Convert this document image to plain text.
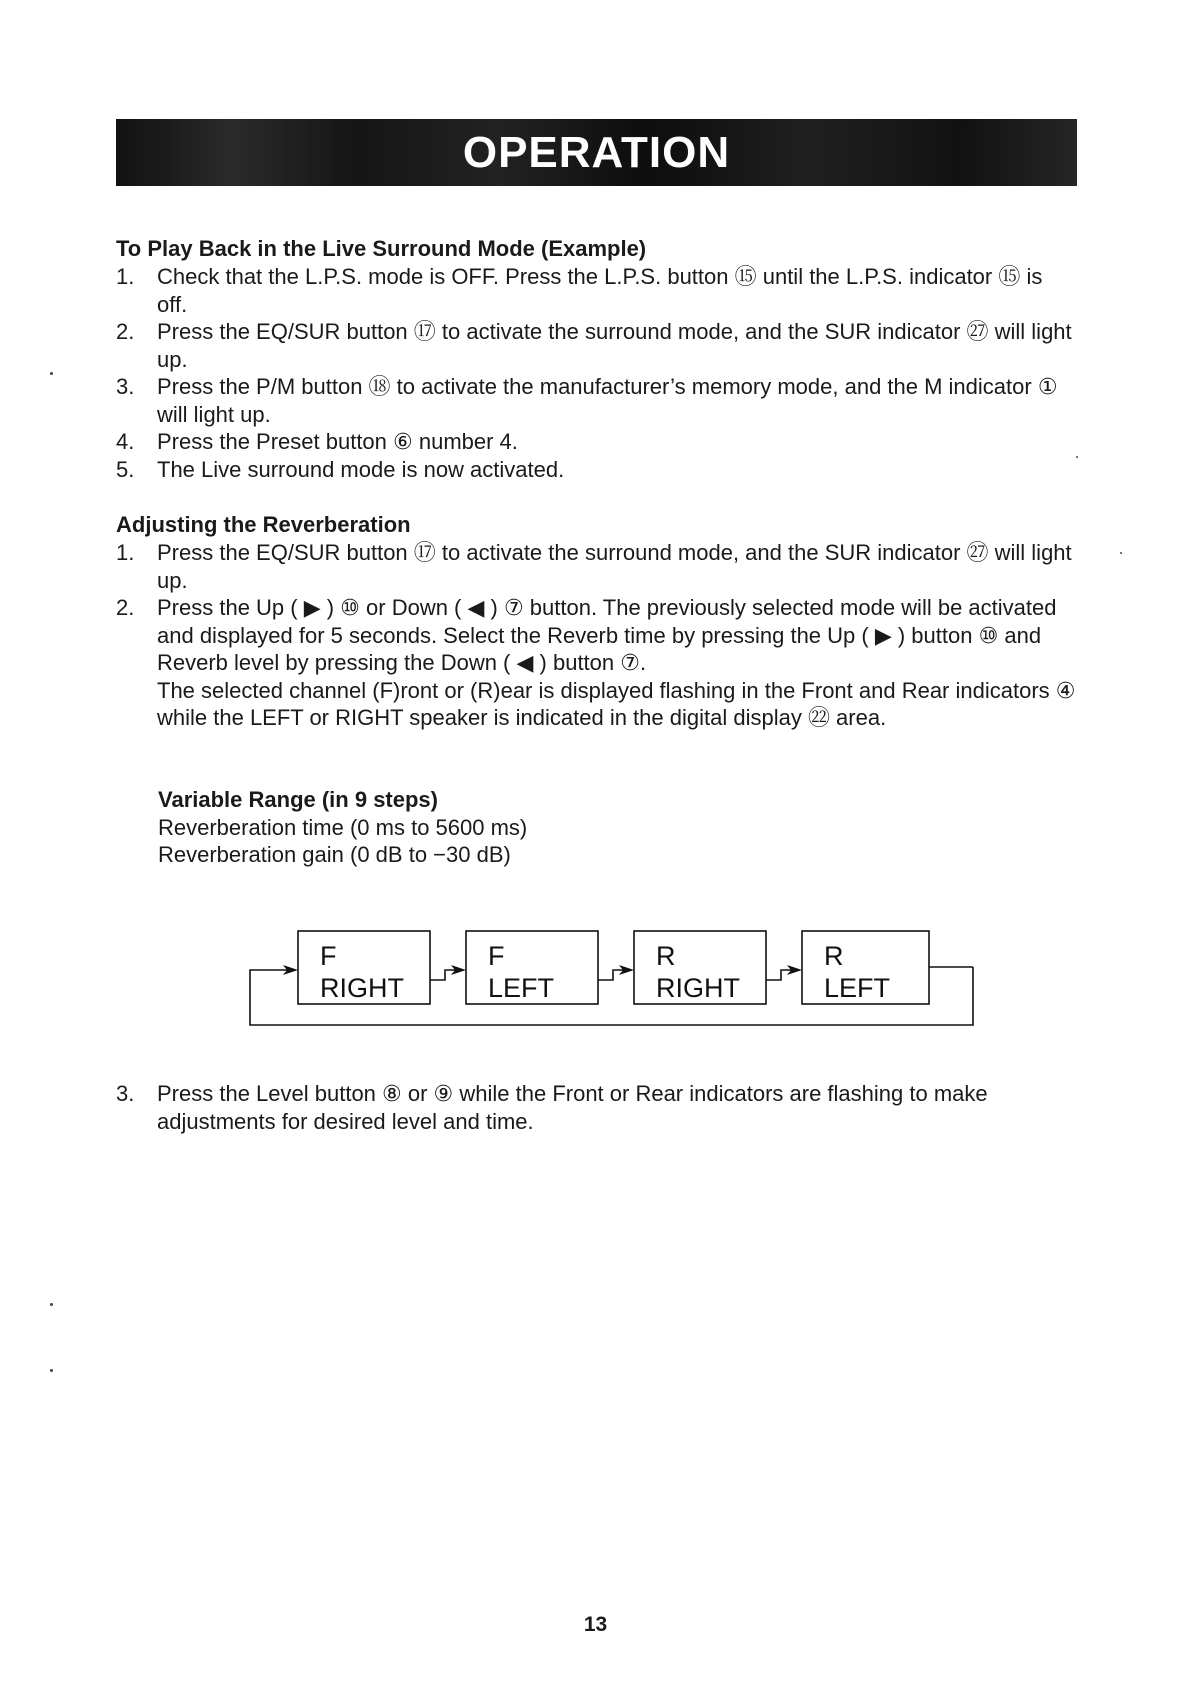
OPERATION
To Play Back in the Live Surround Mode (Example)
1. Check that the L.P.S. mode is OFF. Press the L.P.S. button ⑮ until the L.P.S. indicator ⑮ is off.
2. Press the EQ/SUR button ⑰ to activate the surround mode, and the SUR indicator ㉗ will light up.
3. Press the P/M button ⑱ to activate the manufacturer’s memory mode, and the M indicator ① will light up.
4. Press the Preset button ⑥ number 4.
5. The Live surround mode is now activated.
Adjusting the Reverberation
1. Press the EQ/SUR button ⑰ to activate the surround mode, and the SUR indicator ㉗ will light up.
2. Press the Up ( ▶ ) ⑩ or Down ( ◀ ) ⑦ button. The previously selected mode will be activated and displayed for 5 seconds. Select the Reverb time by pressing the Up ( ▶ ) button ⑩ and Reverb level by pressing the Down ( ◀ ) button ⑦.
The selected channel (F)ront or (R)ear is displayed flashing in the Front and Rear indicators ④ while the LEFT or RIGHT speaker is indicated in the digital display ㉒ area.
Variable Range (in 9 steps)
Reverberation time (0 ms to 5600 ms)
Reverberation gain (0 dB to −30 dB)
F
RIGHT
F
LEFT
R
RIGHT
R
LEFT
3. Press the Level button ⑧ or ⑨ while the Front or Rear indicators are flashing to make adjustments for desired level and time.
13
